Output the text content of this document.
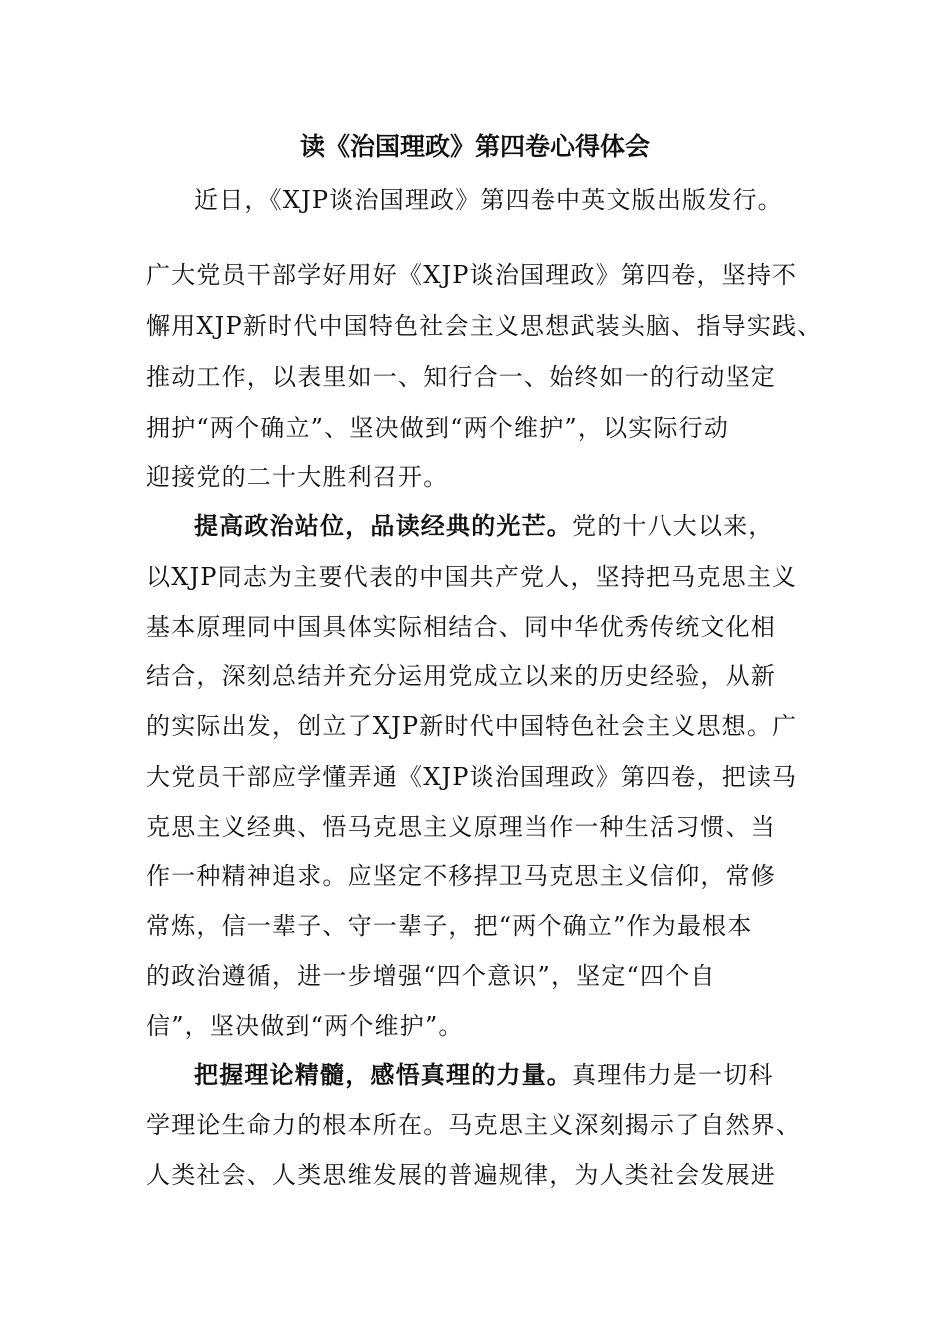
读《治国理政》第四卷心得体会
近日，《XJP谈治国理政》第四卷中英文版出版发行。
广大党员干部学好用好《XJP谈治国理政》第四卷，坚持不
懈用XJP新时代中国特色社会主义思想武装头脑、指导实践、
推动工作，以表里如一、知行合一、始终如一的行动坚定
拥护“两个确立”、坚决做到“两个维护”，以实际行动
迎接党的二十大胜利召开。
提高政治站位，品读经典的光芒。党的十八大以来，
以XJP同志为主要代表的中国共产党人，坚持把马克思主义
基本原理同中国具体实际相结合、同中华优秀传统文化相
结合，深刻总结并充分运用党成立以来的历史经验，从新
的实际出发，创立了XJP新时代中国特色社会主义思想。广
大党员干部应学懂弄通《XJP谈治国理政》第四卷，把读马
克思主义经典、悟马克思主义原理当作一种生活习惯、当
作一种精神追求。应坚定不移捍卫马克思主义信仰，常修
常炼，信一辈子、守一辈子，把“两个确立”作为最根本
的政治遵循，进一步增强“四个意识”，坚定“四个自
信”，坚决做到“两个维护”。
把握理论精髓，感悟真理的力量。真理伟力是一切科
学理论生命力的根本所在。马克思主义深刻揭示了自然界、
人类社会、人类思维发展的普遍规律，为人类社会发展进
